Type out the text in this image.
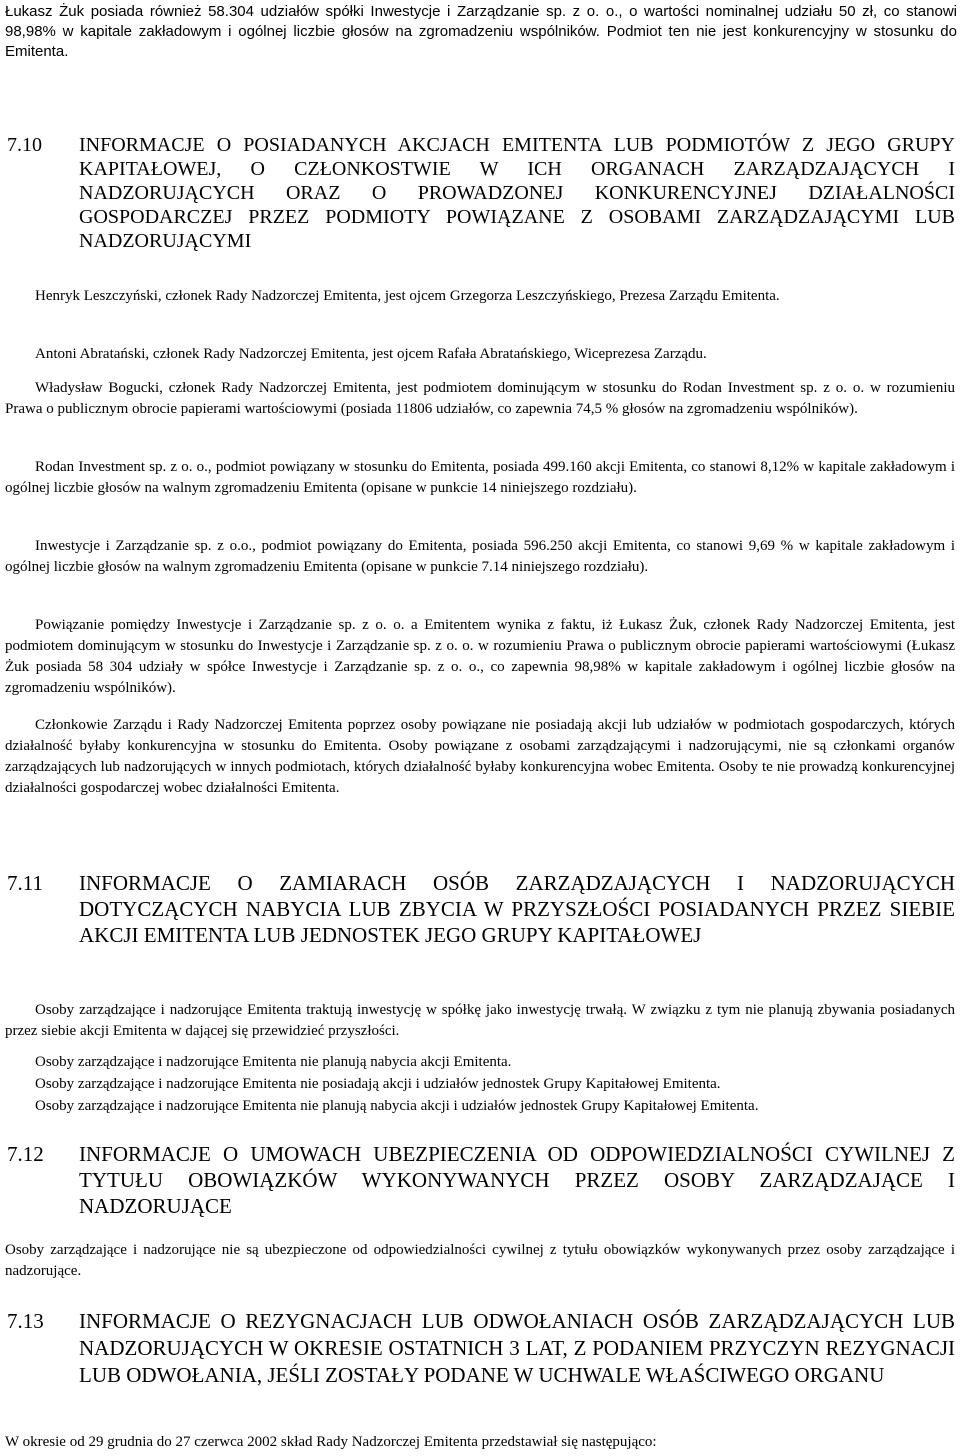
Łukasz Żuk posiada również 58.304 udziałów spółki Inwestycje i Zarządzanie sp. z o. o., o wartości nominalnej udziału 50 zł, co stanowi 98,98% w kapitale zakładowym i ogólnej liczbie głosów na zgromadzeniu wspólników. Podmiot ten nie jest konkurencyjny w stosunku do Emitenta.

7.10 INFORMACJE O POSIADANYCH AKCJACH EMITENTA LUB PODMIOTÓW Z JEGO GRUPY KAPITAŁOWEJ, O CZŁONKOSTWIE W ICH ORGANACH ZARZĄDZAJĄCYCH I NADZORUJĄCYCH ORAZ O PROWADZONEJ KONKURENCYJNEJ DZIAŁALNOŚCI GOSPODARCZEJ PRZEZ PODMIOTY POWIĄZANE Z OSOBAMI ZARZĄDZAJĄCYMI LUB NADZORUJĄCYMI

Henryk Leszczyński, członek Rady Nadzorczej Emitenta, jest ojcem Grzegorza Leszczyńskiego, Prezesa Zarządu Emitenta.

Antoni Abratański, członek Rady Nadzorczej Emitenta, jest ojcem Rafała Abratańskiego, Wiceprezesa Zarządu.

Władysław Bogucki, członek Rady Nadzorczej Emitenta, jest podmiotem dominującym w stosunku do Rodan Investment sp. z o. o. w rozumieniu Prawa o publicznym obrocie papierami wartościowymi (posiada 11806 udziałów, co zapewnia 74,5 % głosów na zgromadzeniu wspólników).

Rodan Investment sp. z o. o., podmiot powiązany w stosunku do Emitenta, posiada 499.160 akcji Emitenta, co stanowi 8,12% w kapitale zakładowym i ogólnej liczbie głosów na walnym zgromadzeniu Emitenta (opisane w punkcie 14 niniejszego rozdziału).

Inwestycje i Zarządzanie sp. z o.o., podmiot powiązany do Emitenta, posiada 596.250 akcji Emitenta, co stanowi 9,69 % w kapitale zakładowym i ogólnej liczbie głosów na walnym zgromadzeniu Emitenta (opisane w punkcie 7.14 niniejszego rozdziału).

Powiązanie pomiędzy Inwestycje i Zarządzanie sp. z o. o. a Emitentem wynika z faktu, iż Łukasz Żuk, członek Rady Nadzorczej Emitenta, jest podmiotem dominującym w stosunku do Inwestycje i Zarządzanie sp. z o. o. w rozumieniu Prawa o publicznym obrocie papierami wartościowymi (Łukasz Żuk posiada 58 304 udziały w spółce Inwestycje i Zarządzanie sp. z o. o., co zapewnia 98,98% w kapitale zakładowym i ogólnej liczbie głosów na zgromadzeniu wspólników).

Członkowie Zarządu i Rady Nadzorczej Emitenta poprzez osoby powiązane nie posiadają akcji lub udziałów w podmiotach gospodarczych, których działalność byłaby konkurencyjna w stosunku do Emitenta. Osoby powiązane z osobami zarządzającymi i nadzorującymi, nie są członkami organów zarządzających lub nadzorujących w innych podmiotach, których działalność byłaby konkurencyjna wobec Emitenta. Osoby te nie prowadzą konkurencyjnej działalności gospodarczej wobec działalności Emitenta.

7.11 INFORMACJE O ZAMIARACH OSÓB ZARZĄDZAJĄCYCH I NADZORUJĄCYCH DOTYCZĄCYCH NABYCIA LUB ZBYCIA W PRZYSZŁOŚCI POSIADANYCH PRZEZ SIEBIE AKCJI EMITENTA LUB JEDNOSTEK JEGO GRUPY KAPITAŁOWEJ

Osoby zarządzające i nadzorujące Emitenta traktują inwestycję w spółkę jako inwestycję trwałą. W związku z tym nie planują zbywania posiadanych przez siebie akcji Emitenta w dającej się przewidzieć przyszłości.

Osoby zarządzające i nadzorujące Emitenta nie planują nabycia akcji Emitenta.

Osoby zarządzające i nadzorujące Emitenta nie posiadają akcji i udziałów jednostek Grupy Kapitałowej Emitenta.

Osoby zarządzające i nadzorujące Emitenta nie planują nabycia akcji i udziałów jednostek Grupy Kapitałowej Emitenta.

7.12 INFORMACJE O UMOWACH UBEZPIECZENIA OD ODPOWIEDZIALNOŚCI CYWILNEJ Z TYTUŁU OBOWIĄZKÓW WYKONYWANYCH PRZEZ OSOBY ZARZĄDZAJĄCE I NADZORUJĄCE

Osoby zarządzające i nadzorujące nie są ubezpieczone od odpowiedzialności cywilnej z tytułu obowiązków wykonywanych przez osoby zarządzające i nadzorujące.

7.13 INFORMACJE O REZYGNACJACH LUB ODWOŁANIACH OSÓB ZARZĄDZAJĄCYCH LUB NADZORUJĄCYCH W OKRESIE OSTATNICH 3 LAT, Z PODANIEM PRZYCZYN REZYGNACJI LUB ODWOŁANIA, JEŚLI ZOSTAŁY PODANE W UCHWALE WŁAŚCIWEGO ORGANU

W okresie od 29 grudnia do 27 czerwca 2002 skład Rady Nadzorczej Emitenta przedstawiał się następująco:
